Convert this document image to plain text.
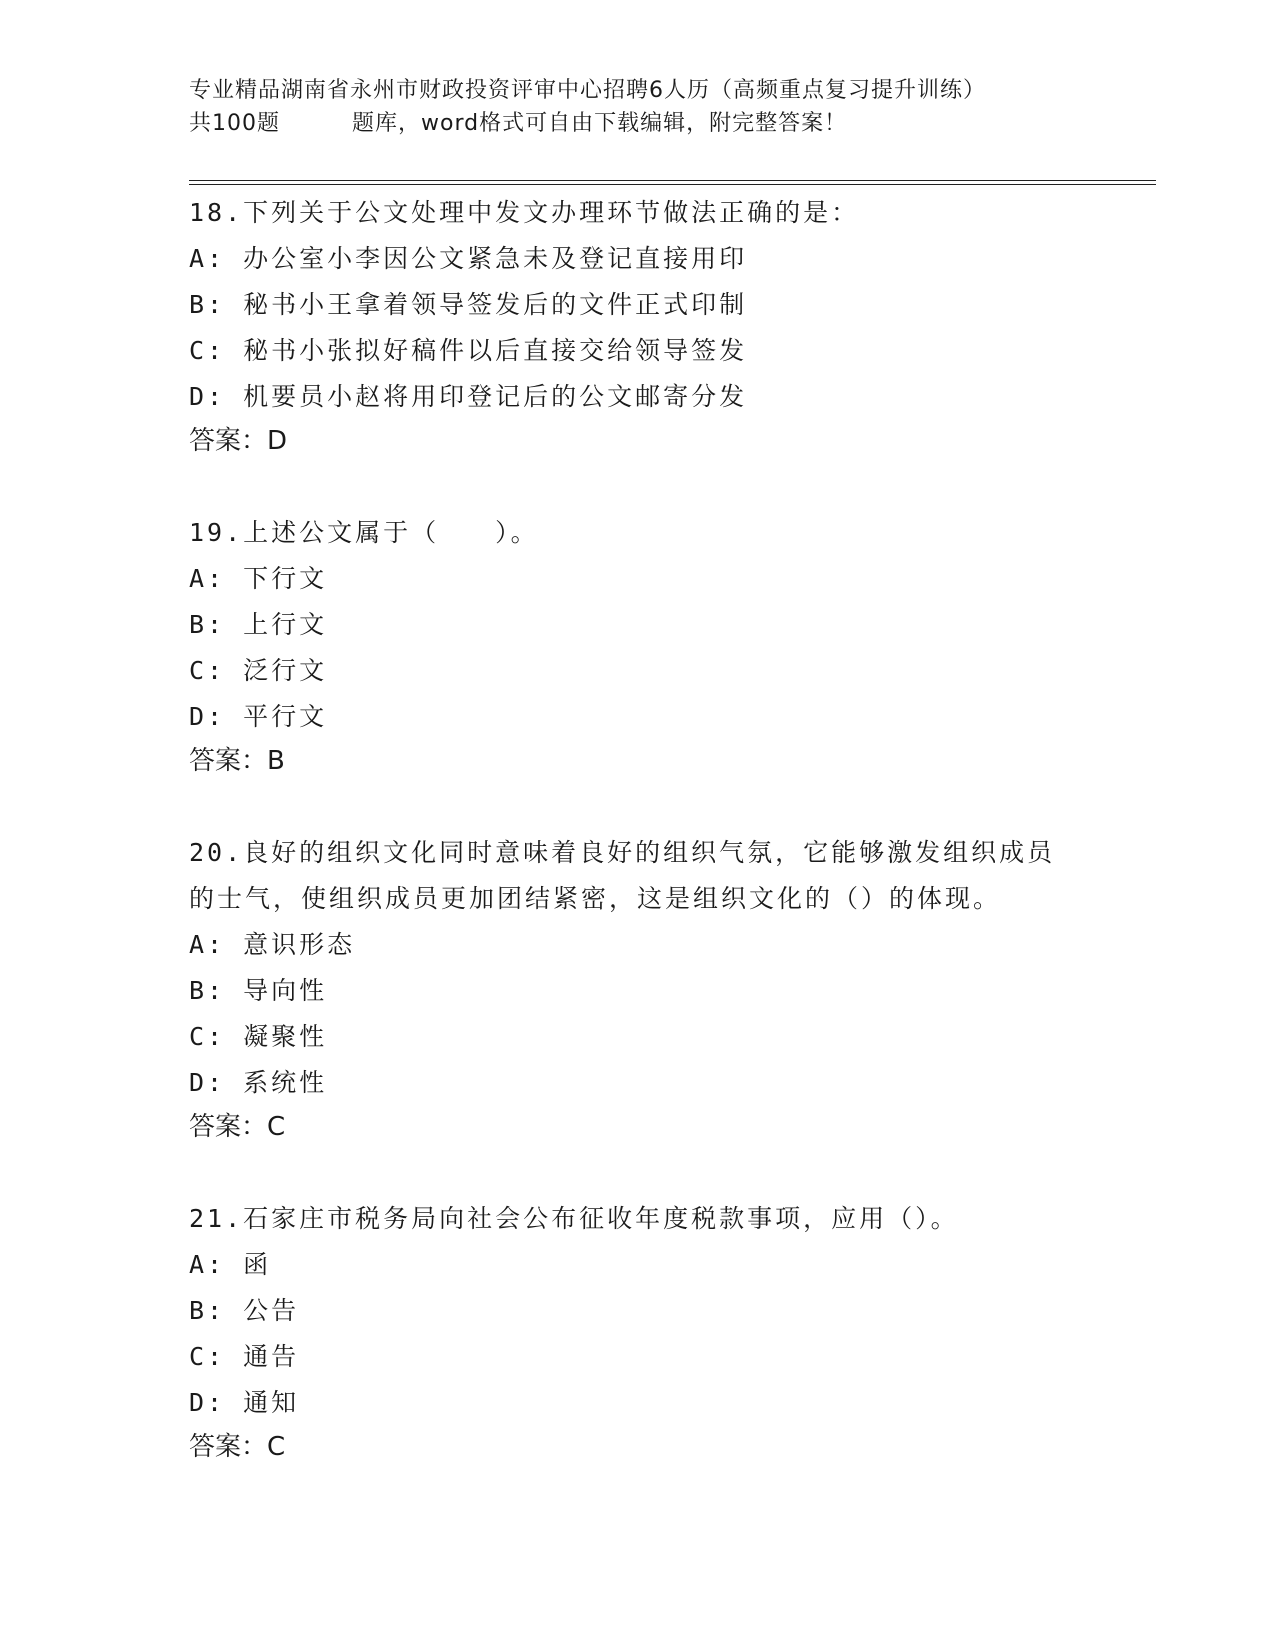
专业精品湖南省永州市财政投资评审中心招聘6人历（高频重点复习提升训练）
共100题	题库，word格式可自由下载编辑，附完整答案！
18.下列关于公文处理中发文办理环节做法正确的是：
A: 办公室小李因公文紧急未及登记直接用印
B: 秘书小王拿着领导签发后的文件正式印制
C: 秘书小张拟好稿件以后直接交给领导签发
D: 机要员小赵将用印登记后的公文邮寄分发
答案：D
19.上述公文属于（　　）。
A: 下行文
B: 上行文
C: 泛行文
D: 平行文
答案：B
20.良好的组织文化同时意味着良好的组织气氛，它能够激发组织成员
的士气，使组织成员更加团结紧密，这是组织文化的（）的体现。
A: 意识形态
B: 导向性
C: 凝聚性
D: 系统性
答案：C
21.石家庄市税务局向社会公布征收年度税款事项，应用（）。
A: 函
B: 公告
C: 通告
D: 通知
答案：C
